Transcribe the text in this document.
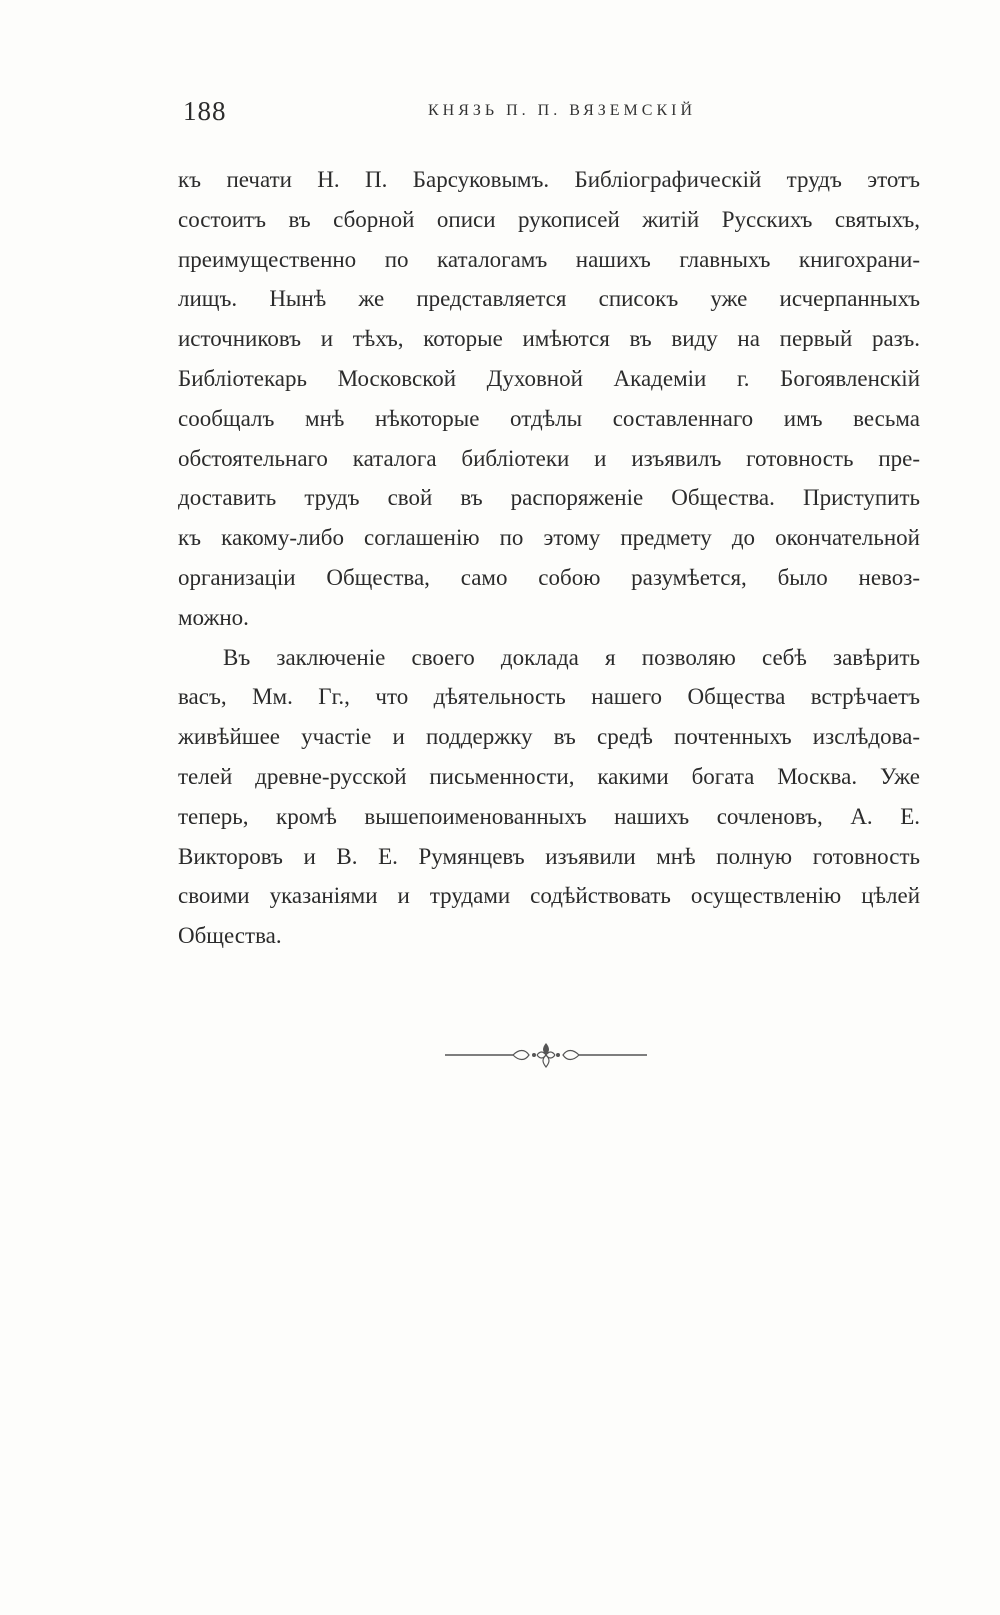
188	КНЯЗЬ П. П. ВЯЗЕМСКІЙ
къ печати Н. П. Барсуковымъ. Библіографическій трудъ этотъ
состоитъ въ сборной описи рукописей житій Русскихъ святыхъ,
преимущественно по каталогамъ нашихъ главныхъ книгохрани-
лищъ. Нынѣ же представляется списокъ уже исчерпанныхъ
источниковъ и тѣхъ, которые имѣются въ виду на первый разъ.
Библіотекарь Московской Духовной Академіи г. Богоявленскій
сообщалъ мнѣ нѣкоторые отдѣлы составленнаго имъ весьма
обстоятельнаго каталога библіотеки и изъявилъ готовность пре-
доставить трудъ свой въ распоряженіе Общества. Приступить
къ какому-либо соглашенію по этому предмету до окончательной
организаціи Общества, само собою разумѣется, было невоз-
можно.
Въ заключеніе своего доклада я позволяю себѣ завѣрить
васъ, Мм. Гг., что дѣятельность нашего Общества встрѣчаетъ
живѣйшее участіе и поддержку въ средѣ почтенныхъ изслѣдова-
телей древне-русской письменности, какими богата Москва. Уже
теперь, кромѣ вышепоименованныхъ нашихъ сочленовъ, А. Е.
Викторовъ и В. Е. Румянцевъ изъявили мнѣ полную готовность
своими указаніями и трудами содѣйствовать осуществленію цѣлей
Общества.
